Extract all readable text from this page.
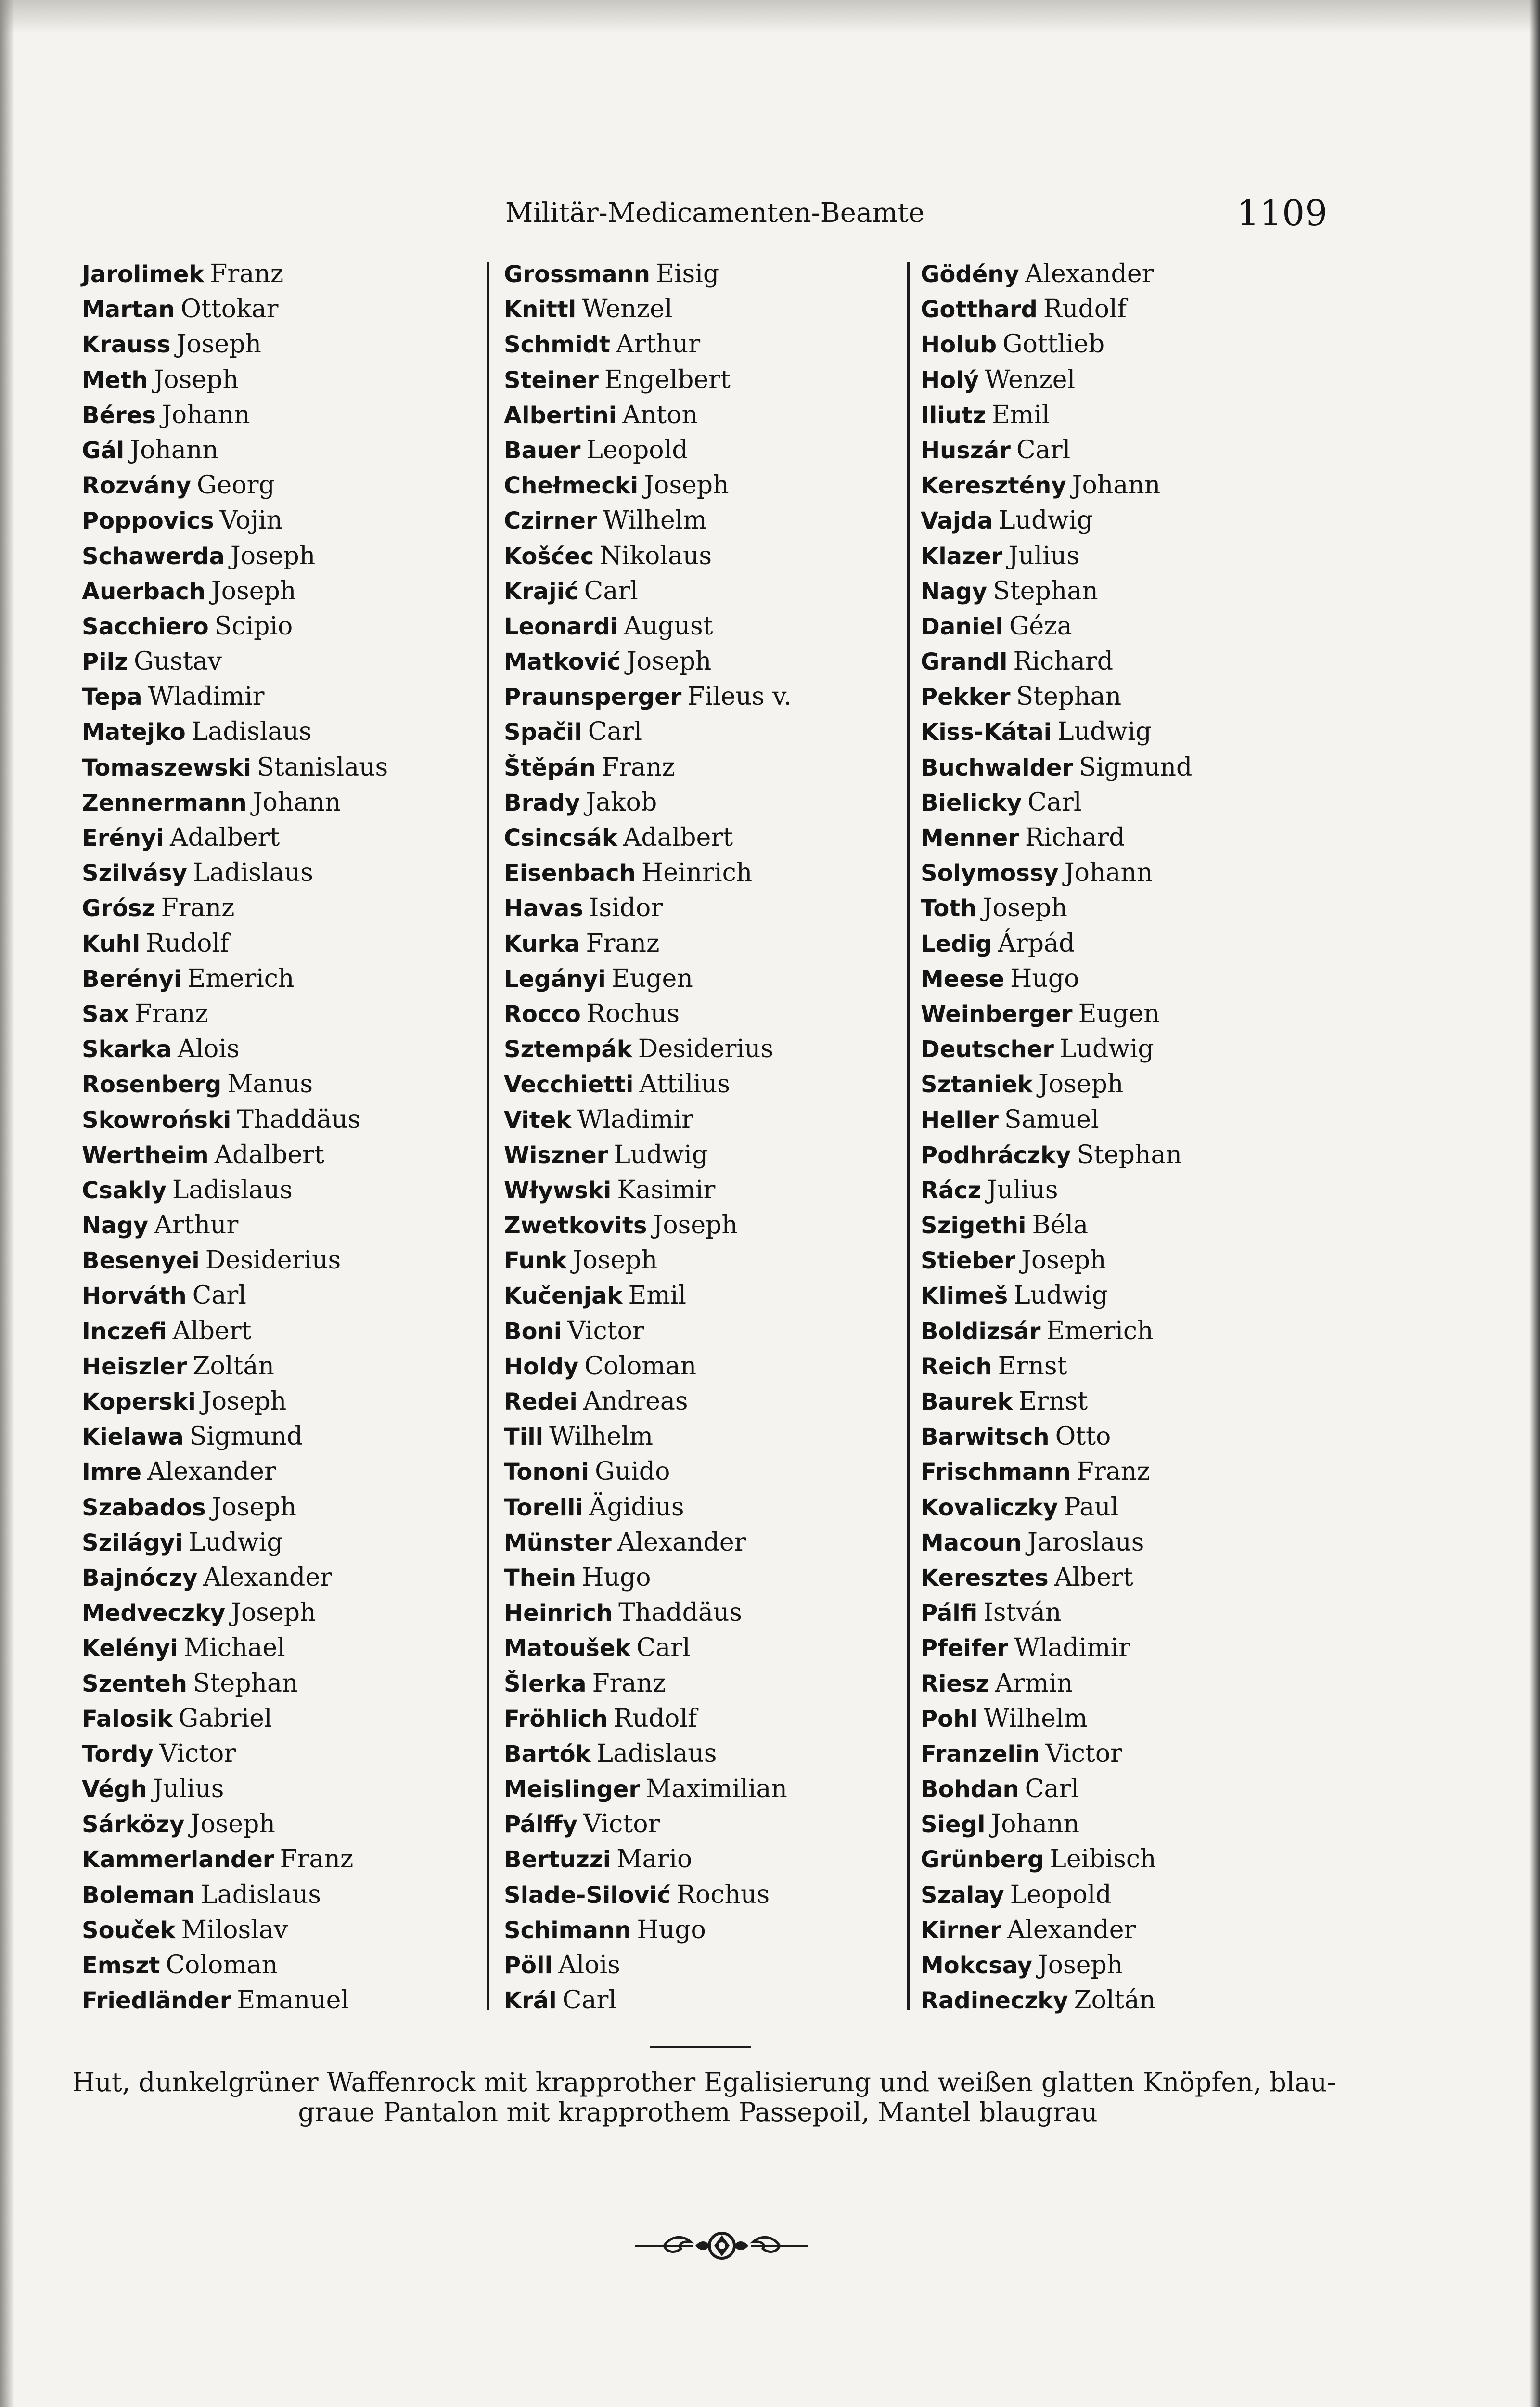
Militär-Medicamenten-Beamte	1109
Jarolimek Franz
Martan Ottokar
Krauss Joseph
Meth Joseph
Béres Johann
Gál Johann
Rozvány Georg
Poppovics Vojin
Schawerda Joseph
Auerbach Joseph
Sacchiero Scipio
Pilz Gustav
Tepa Wladimir
Matejko Ladislaus
Tomaszewski Stanislaus
Zennermann Johann
Erényi Adalbert
Szilvásy Ladislaus
Grósz Franz
Kuhl Rudolf
Berényi Emerich
Sax Franz
Skarka Alois
Rosenberg Manus
Skowroński Thaddäus
Wertheim Adalbert
Csakly Ladislaus
Nagy Arthur
Besenyei Desiderius
Horváth Carl
Inczefi Albert
Heiszler Zoltán
Koperski Joseph
Kielawa Sigmund
Imre Alexander
Szabados Joseph
Szilágyi Ludwig
Bajnóczy Alexander
Medveczky Joseph
Kelényi Michael
Szenteh Stephan
Falosik Gabriel
Tordy Victor
Végh Julius
Sárközy Joseph
Kammerlander Franz
Boleman Ladislaus
Souček Miloslav
Emszt Coloman
Friedländer Emanuel
Grossmann Eisig
Knittl Wenzel
Schmidt Arthur
Steiner Engelbert
Albertini Anton
Bauer Leopold
Chełmecki Joseph
Czirner Wilhelm
Košćec Nikolaus
Krajić Carl
Leonardi August
Matković Joseph
Praunsperger Fileus v.
Spačil Carl
Štěpán Franz
Brady Jakob
Csincsák Adalbert
Eisenbach Heinrich
Havas Isidor
Kurka Franz
Legányi Eugen
Rocco Rochus
Sztempák Desiderius
Vecchietti Attilius
Vitek Wladimir
Wiszner Ludwig
Wływski Kasimir
Zwetkovits Joseph
Funk Joseph
Kučenjak Emil
Boni Victor
Holdy Coloman
Redei Andreas
Till Wilhelm
Tononi Guido
Torelli Ägidius
Münster Alexander
Thein Hugo
Heinrich Thaddäus
Matoušek Carl
Šlerka Franz
Fröhlich Rudolf
Bartók Ladislaus
Meislinger Maximilian
Pálffy Victor
Bertuzzi Mario
Slade-Silović Rochus
Schimann Hugo
Pöll Alois
Král Carl
Gödény Alexander
Gotthard Rudolf
Holub Gottlieb
Holý Wenzel
Iliutz Emil
Huszár Carl
Keresztény Johann
Vajda Ludwig
Klazer Julius
Nagy Stephan
Daniel Géza
Grandl Richard
Pekker Stephan
Kiss-Kátai Ludwig
Buchwalder Sigmund
Bielicky Carl
Menner Richard
Solymossy Johann
Toth Joseph
Ledig Árpád
Meese Hugo
Weinberger Eugen
Deutscher Ludwig
Sztaniek Joseph
Heller Samuel
Podhráczky Stephan
Rácz Julius
Szigethi Béla
Stieber Joseph
Klimeš Ludwig
Boldizsár Emerich
Reich Ernst
Baurek Ernst
Barwitsch Otto
Frischmann Franz
Kovaliczky Paul
Macoun Jaroslaus
Keresztes Albert
Pálfi István
Pfeifer Wladimir
Riesz Armin
Pohl Wilhelm
Franzelin Victor
Bohdan Carl
Siegl Johann
Grünberg Leibisch
Szalay Leopold
Kirner Alexander
Mokcsay Joseph
Radineczky Zoltán
Hut, dunkelgrüner Waffenrock mit krapprother Egalisierung und weißen glatten Knöpfen, blau-
graue Pantalon mit krapprothem Passepoil, Mantel blaugrau
